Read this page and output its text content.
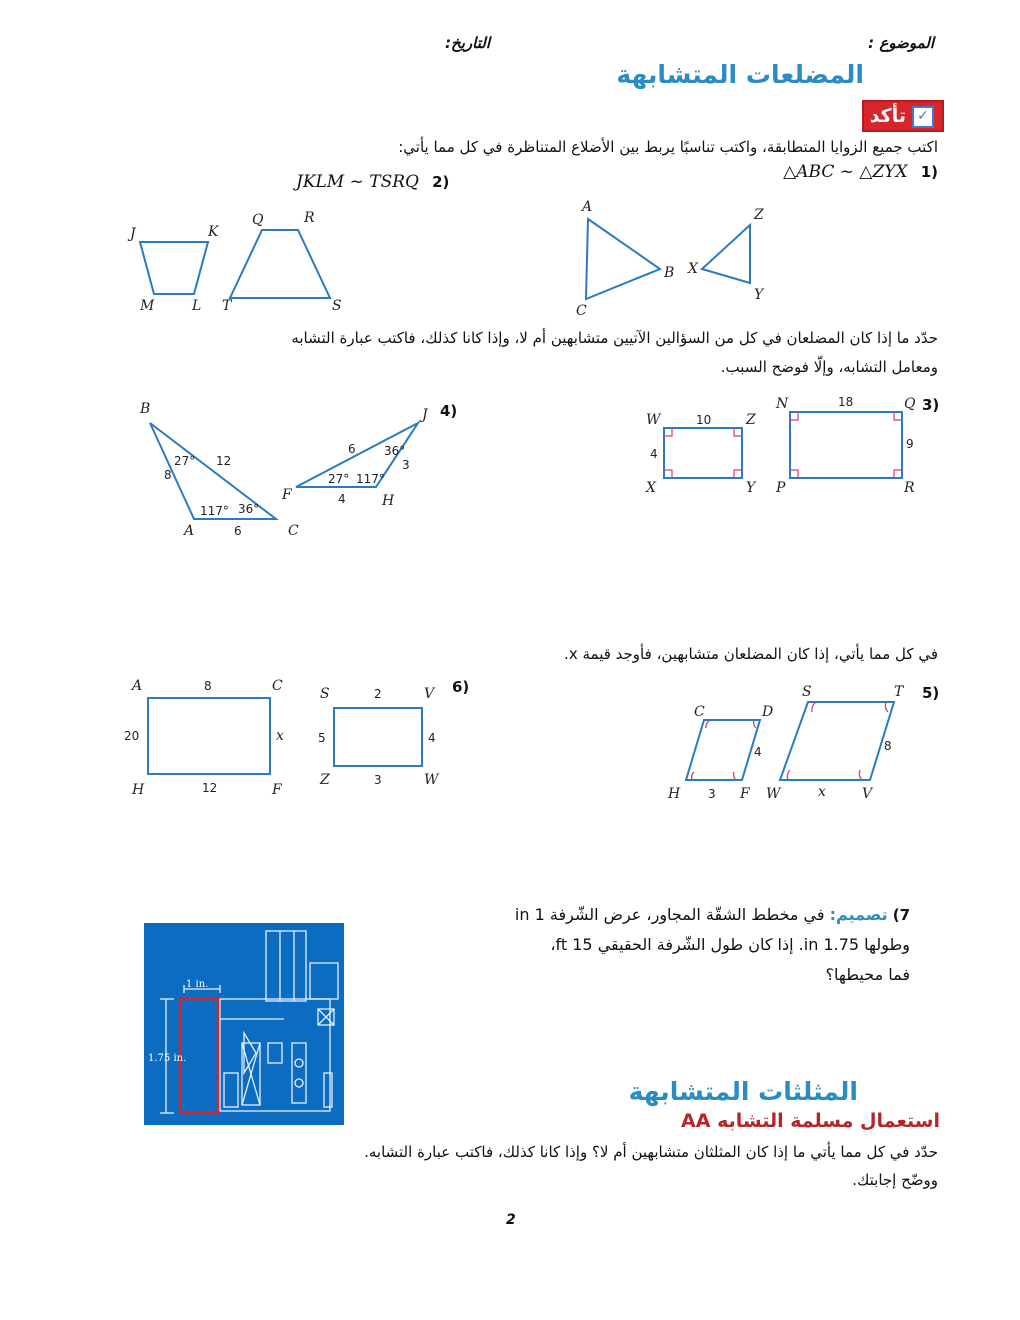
الموضوع :
التاريخ:
المضلعات المتشابهة
تأكد ✓
اكتب جميع الزوايا المتطابقة، واكتب تناسبًا يربط بين الأضلاع المتناظرة في كل مما يأتي:
△ABC ~ △ZYX 1)
JKLM ~ TSRQ 2)
J	K
M	L
Q	R
T	S
A
B
C
Z
X
Y
حدّد ما إذا كان المضلعان في كل من السؤالين الآتيين متشابهين أم لا، وإذا كانا كذلك، فاكتب عبارة التشابه
ومعامل التشابه، وإلّا فوضح السبب.
3)
W	10 Z
4
X	Y
N	18	Q
9
P	R
4)
B
8
12
27°
117° 36°
A	6	C
J
6 36°
3
27° 117°
F	4	H
في كل مما يأتي، إذا كان المضلعان متشابهين، فأوجد قيمة x.
5)
C	D
4
H 3 F
S	T
8
W	x	V
6)
A	8	C
20	x
H	12	F
S	2	V
5	4
Z	3	W
7) تصميم: في مخطط الشقّة المجاور، عرض الشّرفة 1 in
وطولها 1.75 in. إذا كان طول الشّرفة الحقيقي 15 ft،
فما محيطها؟
1 in.
1.75 in.
المثلثات المتشابهة
استعمال مسلمة التشابه AA
حدّد في كل مما يأتي ما إذا كان المثلثان متشابهين أم لا؟ وإذا كانا كذلك، فاكتب عبارة التشابه.
ووضّح إجابتك.
2
